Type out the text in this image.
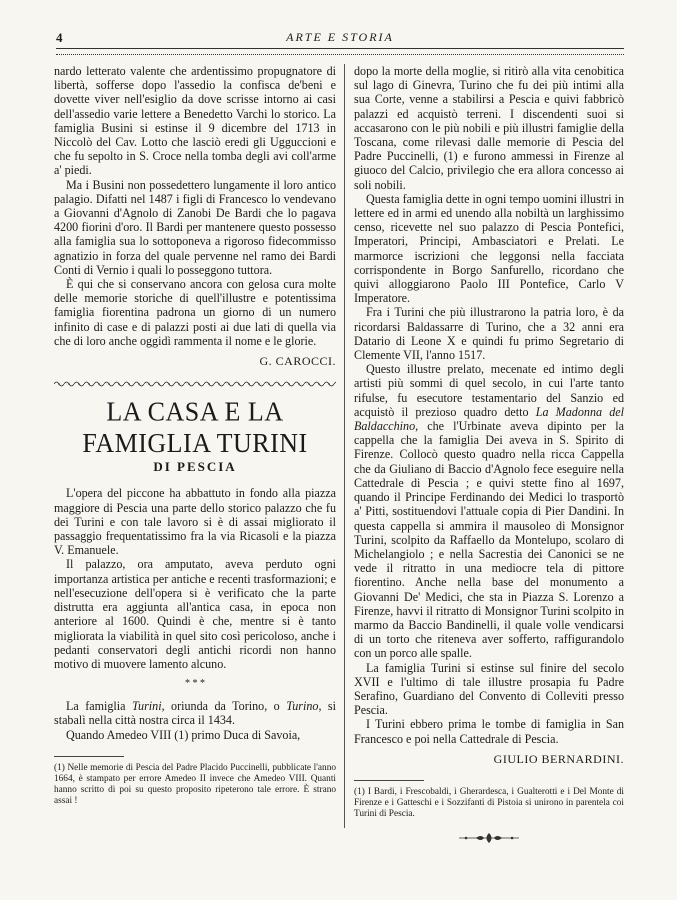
4	ARTE E STORIA

nardo letterato valente che ardentissimo propugnatore di libertà, sofferse dopo l'assedio la confisca de'beni e dovette viver nell'esiglio da dove scrisse intorno ai casi dell'assedio varie lettere a Benedetto Varchi lo storico. La famiglia Busini si estinse il 9 dicembre del 1713 in Niccolò del Cav. Lotto che lasciò eredi gli Ugguccioni e che fu sepolto in S. Croce nella tomba degli avi coll'arme a' piedi.

Ma i Busini non possedettero lungamente il loro antico palagio. Difatti nel 1487 i figli di Francesco lo vendevano a Giovanni d'Agnolo di Zanobi De Bardi che lo pagava 4200 fiorini d'oro. Il Bardi per mantenere questo possesso alla famiglia sua lo sottoponeva a rigoroso fidecommisso agnatizio in forza del quale pervenne nel ramo dei Bardi Conti di Vernio i quali lo posseggono tuttora.

È qui che si conservano ancora con gelosa cura molte delle memorie storiche di quell'illustre e potentissima famiglia fiorentina padrona un giorno di un numero infinito di case e di palazzi posti ai due lati di quella via che di loro anche oggidì rammenta il nome e le glorie.

G. CAROCCI.
LA CASA E LA FAMIGLIA TURINI
DI PESCIA

L'opera del piccone ha abbattuto in fondo alla piazza maggiore di Pescia una parte dello storico palazzo che fu dei Turini e con tale lavoro si è di assai migliorato il passaggio frequentatissimo fra la via Ricasoli e la piazza V. Emanuele.

Il palazzo, ora amputato, aveva perduto ogni importanza artistica per antiche e recenti trasformazioni; e nell'esecuzione dell'opera si è verificato che la parte distrutta era aggiunta all'antica casa, in epoca non anteriore al 1600. Quindi è che, mentre si è tanto migliorata la viabilità in quel sito così pericoloso, anche i pedanti conservatori degli antichi ricordi non hanno motivo di muovere lamento alcuno.

* * *

La famiglia Turini, oriunda da Torino, o Turino, si stabalì nella città nostra circa il 1434.

Quando Amedeo VIII (1) primo Duca di Savoia,

(1) Nelle memorie di Pescia del Padre Placido Puccinelli, pubblicate l'anno 1664, è stampato per errore Amedeo II invece che Amedeo VIII. Quanti hanno scritto di poi su questo proposito ripeterono tale errore. È strano assai !

dopo la morte della moglie, si ritirò alla vita cenobitica sul lago di Ginevra, Turino che fu dei più intimi alla sua Corte, venne a stabilirsi a Pescia e quivi fabbricò palazzi ed acquistò terreni. I discendenti suoi si accasarono con le più nobili e più illustri famiglie della Toscana, come rilevasi dalle memorie di Pescia del Padre Puccinelli, (1) e furono ammessi in Firenze al giuoco del Calcio, privilegio che era allora concesso ai soli nobili.

Questa famiglia dette in ogni tempo uomini illustri in lettere ed in armi ed unendo alla nobiltà un larghissimo censo, ricevette nel suo palazzo di Pescia Pontefici, Imperatori, Principi, Ambasciatori e Prelati. Le marmorce iscrizioni che leggonsi nella facciata corrispondente in Borgo Sanfurello, ricordano che quivi alloggiarono Paolo III Pontefice, Carlo V Imperatore.

Fra i Turini che più illustrarono la patria loro, è da ricordarsi Baldassarre di Turino, che a 32 anni era Datario di Leone X e quindi fu primo Segretario di Clemente VII, l'anno 1517.

Questo illustre prelato, mecenate ed intimo degli artisti più sommi di quel secolo, in cui l'arte tanto rifulse, fu esecutore testamentario del Sanzio ed acquistò il prezioso quadro detto La Madonna del Baldacchino, che l'Urbinate aveva dipinto per la cappella che la famiglia Dei aveva in S. Spirito di Firenze. Collocò questo quadro nella ricca Cappella che da Giuliano di Baccio d'Agnolo fece eseguire nella Cattedrale di Pescia ; e quivi stette fino al 1697, quando il Principe Ferdinando dei Medici lo trasportò a' Pitti, sostituendovi l'attuale copia di Pier Dandini. In questa cappella si ammira il mausoleo di Monsignor Turini, scolpito da Raffaello da Montelupo, scolaro di Michelangiolo ; e nella Sacrestia dei Canonici se ne vede il ritratto in una mediocre tela di pittore fiorentino. Anche nella base del monumento a Giovanni De' Medici, che sta in Piazza S. Lorenzo a Firenze, havvi il ritratto di Monsignor Turini scolpito in marmo da Baccio Bandinelli, il quale volle vendicarsi di un torto che riteneva aver sofferto, raffigurandolo con un porco alle spalle.

La famiglia Turini si estinse sul finire del secolo XVII e l'ultimo di tale illustre prosapia fu Padre Serafino, Guardiano del Convento di Colleviti presso Pescia.

I Turini ebbero prima le tombe di famiglia in San Francesco e poi nella Cattedrale di Pescia.

GIULIO BERNARDINI.
(1) I Bardi, i Frescobaldi, i Gherardesca, i Gualterotti e i Del Monte di Firenze e i Gatteschi e i Sozzifanti di Pistoia si unirono in parentela coi Turini di Pescia.
